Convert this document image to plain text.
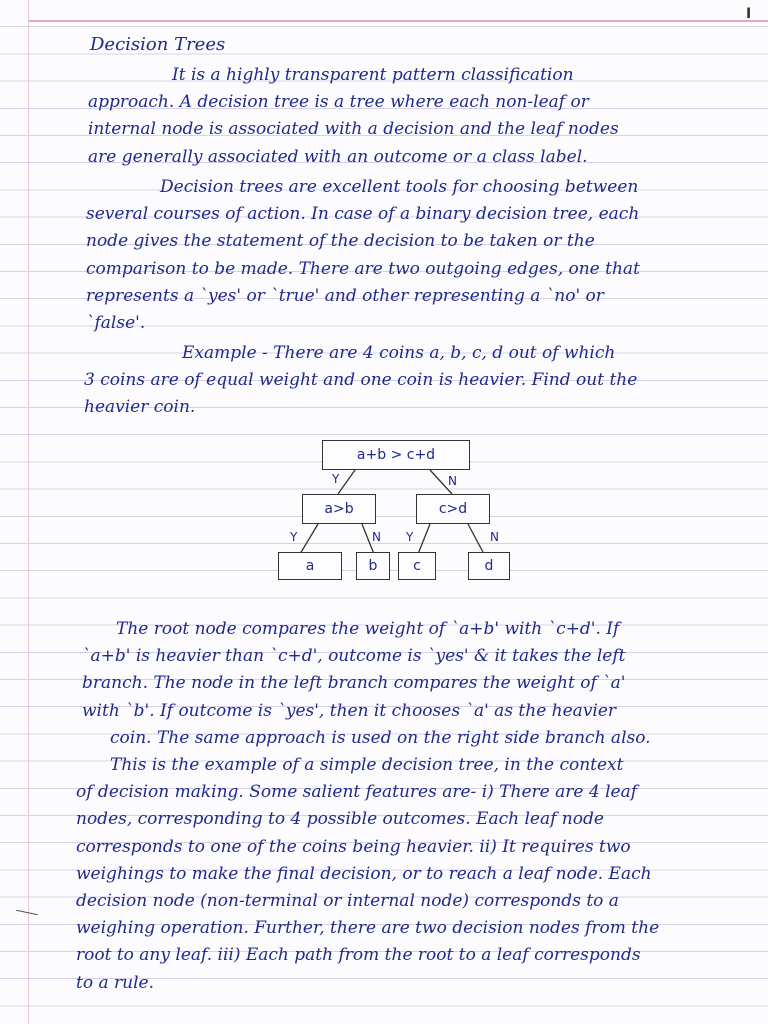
I
Decision Trees
It is a highly transparent pattern classification
approach. A decision tree is a tree where each non-leaf or
internal node is associated with a decision and the leaf nodes
are generally associated with an outcome or a class label.
Decision trees are excellent tools for choosing between
several courses of action. In case of a binary decision tree, each
node gives the statement of the decision to be taken or the
comparison to be made. There are two outgoing edges, one that
represents a `yes' or `true' and other representing a `no' or
`false'.
Example - There are 4 coins a, b, c, d out of which
3 coins are of equal weight and one coin is heavier. Find out the
heavier coin.
a+b > c+d
a>b	c>d
a	b	c	d
Y	N
Y	N Y	N
The root node compares the weight of `a+b' with `c+d'. If
`a+b' is heavier than `c+d', outcome is `yes' & it takes the left
branch. The node in the left branch compares the weight of `a'
with `b'. If outcome is `yes', then it chooses `a' as the heavier
coin. The same approach is used on the right side branch also.
This is the example of a simple decision tree, in the context
of decision making. Some salient features are- i) There are 4 leaf
nodes, corresponding to 4 possible outcomes. Each leaf node
corresponds to one of the coins being heavier. ii) It requires two
weighings to make the final decision, or to reach a leaf node. Each
decision node (non-terminal or internal node) corresponds to a
weighing operation. Further, there are two decision nodes from the
root to any leaf. iii) Each path from the root to a leaf corresponds
to a rule.
